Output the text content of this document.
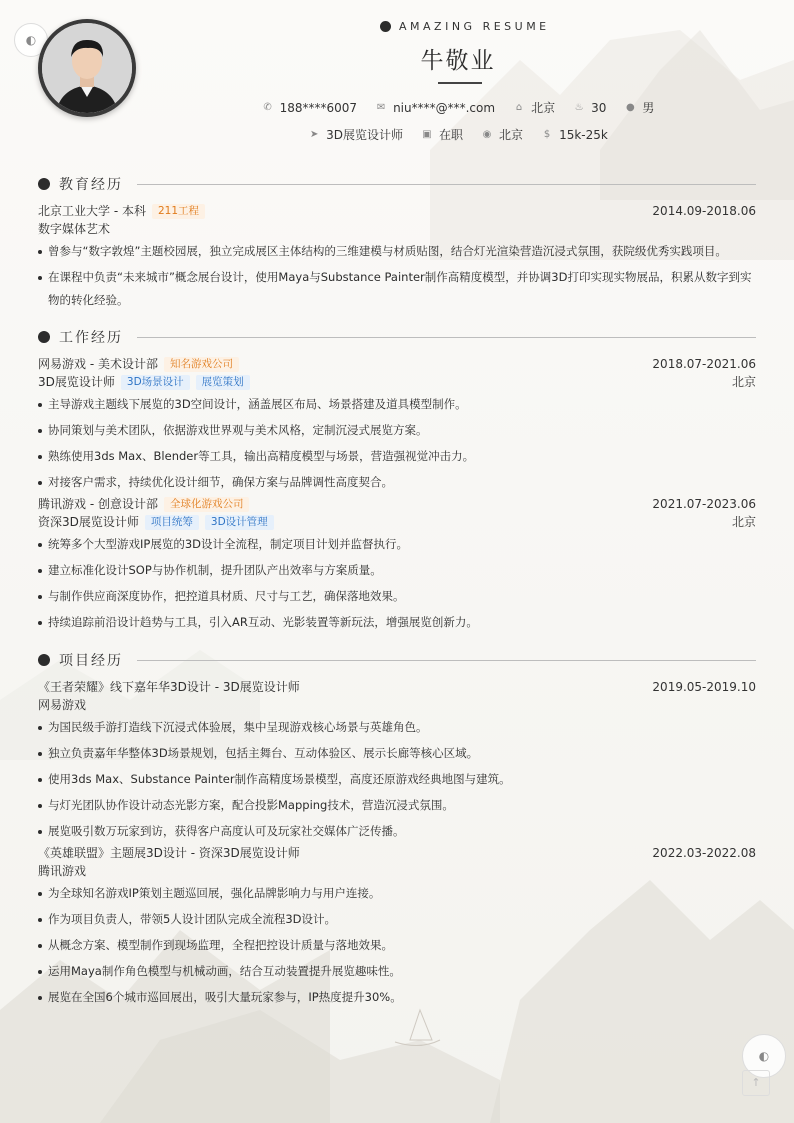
◐
◐
↑
AMAZING RESUME
牛敬业
✆ 188****6007 ✉ niu****@***.com ⌂ 北京 ♨ 30 ● 男
➤ 3D展览设计师 ▣ 在职 ◉ 北京 $ 15k-25k
教育经历
北京工业大学 - 本科	211工程	2014.09-2018.06
数字媒体艺术
曾参与“数字敦煌”主题校园展，独立完成展区主体结构的三维建模与材质贴图，结合灯光渲染营造沉浸式氛围，获院级优秀实践项目。
在课程中负责“未来城市”概念展台设计，使用Maya与Substance Painter制作高精度模型，并协调3D打印实现实物展品，积累从数字到实物的转化经验。
工作经历
网易游戏 - 美术设计部	知名游戏公司	2018.07-2021.06
3D展览设计师	3D场景设计	展览策划	北京
主导游戏主题线下展览的3D空间设计，涵盖展区布局、场景搭建及道具模型制作。
协同策划与美术团队，依据游戏世界观与美术风格，定制沉浸式展览方案。
熟练使用3ds Max、Blender等工具，输出高精度模型与场景，营造强视觉冲击力。
对接客户需求，持续优化设计细节，确保方案与品牌调性高度契合。
腾讯游戏 - 创意设计部	全球化游戏公司	2021.07-2023.06
资深3D展览设计师	项目统筹	3D设计管理	北京
统筹多个大型游戏IP展览的3D设计全流程，制定项目计划并监督执行。
建立标准化设计SOP与协作机制，提升团队产出效率与方案质量。
与制作供应商深度协作，把控道具材质、尺寸与工艺，确保落地效果。
持续追踪前沿设计趋势与工具，引入AR互动、光影装置等新玩法，增强展览创新力。
项目经历
《王者荣耀》线下嘉年华3D设计 - 3D展览设计师	2019.05-2019.10
网易游戏
为国民级手游打造线下沉浸式体验展，集中呈现游戏核心场景与英雄角色。
独立负责嘉年华整体3D场景规划，包括主舞台、互动体验区、展示长廊等核心区域。
使用3ds Max、Substance Painter制作高精度场景模型，高度还原游戏经典地图与建筑。
与灯光团队协作设计动态光影方案，配合投影Mapping技术，营造沉浸式氛围。
展览吸引数万玩家到访，获得客户高度认可及玩家社交媒体广泛传播。
《英雄联盟》主题展3D设计 - 资深3D展览设计师	2022.03-2022.08
腾讯游戏
为全球知名游戏IP策划主题巡回展，强化品牌影响力与用户连接。
作为项目负责人，带领5人设计团队完成全流程3D设计。
从概念方案、模型制作到现场监理，全程把控设计质量与落地效果。
运用Maya制作角色模型与机械动画，结合互动装置提升展览趣味性。
展览在全国6个城市巡回展出，吸引大量玩家参与，IP热度提升30%。
